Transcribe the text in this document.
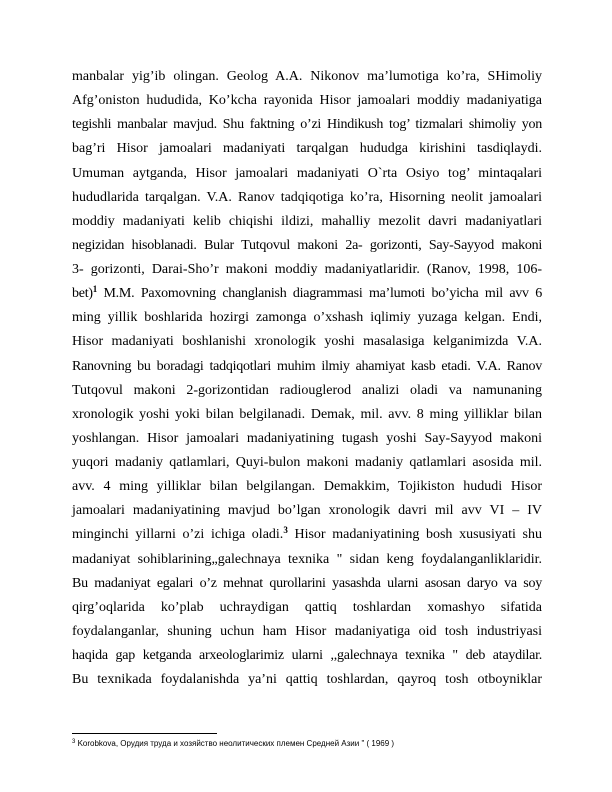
manbalar yig’ib olingan. Geolog A.A. Nikonov ma’lumotiga ko’ra, SHimoliy
Afg’oniston hududida, Ko’kcha rayonida Hisor jamoalari moddiy madaniyatiga
tegishli manbalar mavjud. Shu faktning o’zi Hindikush tog’ tizmalari shimoliy yon
bag’ri Hisor jamoalari madaniyati tarqalgan hududga kirishini tasdiqlaydi.
Umuman aytganda, Hisor jamoalari madaniyati O`rta Osiyo tog’ mintaqalari
hududlarida tarqalgan. V.A. Ranov tadqiqotiga ko’ra, Hisorning neolit jamoalari
moddiy madaniyati kelib chiqishi ildizi, mahalliy mezolit davri madaniyatlari
negizidan hisoblanadi. Bular Tutqovul makoni 2a- gorizonti, Say-Sayyod makoni
3- gorizonti, Darai-Sho’r makoni moddiy madaniyatlaridir. (Ranov, 1998, 106-
bet)$^1$ M.M. Paxomovning changlanish diagrammasi ma’lumoti bo’yicha mil avv 6
ming yillik boshlarida hozirgi zamonga o’xshash iqlimiy yuzaga kelgan. Endi,
Hisor madaniyati boshlanishi xronologik yoshi masalasiga kelganimizda V.A.
Ranovning bu boradagi tadqiqotlari muhim ilmiy ahamiyat kasb etadi. V.A. Ranov
Tutqovul makoni 2-gorizontidan radiouglerod analizi oladi va namunaning
xronologik yoshi yoki bilan belgilanadi. Demak, mil. avv. 8 ming yilliklar bilan
yoshlangan. Hisor jamoalari madaniyatining tugash yoshi Say-Sayyod makoni
yuqori madaniy qatlamlari, Quyi-bulon makoni madaniy qatlamlari asosida mil.
avv. 4 ming yilliklar bilan belgilangan. Demakkim, Tojikiston hududi Hisor
jamoalari madaniyatining mavjud bo’lgan xronologik davri mil avv VI – IV
minginchi yillarni o’zi ichiga oladi.$^3$ Hisor madaniyatining bosh xususiyati shu
madaniyat sohiblarining„galechnaya texnika " sidan keng foydalanganliklaridir.
Bu madaniyat egalari o’z mehnat qurollarini yasashda ularni asosan daryo va soy
qirg’oqlarida ko’plab uchraydigan qattiq toshlardan xomashyo sifatida
foydalanganlar, shuning uchun ham Hisor madaniyatiga oid tosh industriyasi
haqida gap ketganda arxeologlarimiz ularni ,,galechnaya texnika " deb ataydilar.
Bu texnikada foydalanishda ya’ni qattiq toshlardan, qayroq tosh otboyniklar
$^3$ Korobkova, Орудия труда и хозяйство неолитических племен Средней Азии " ( 1969 )
